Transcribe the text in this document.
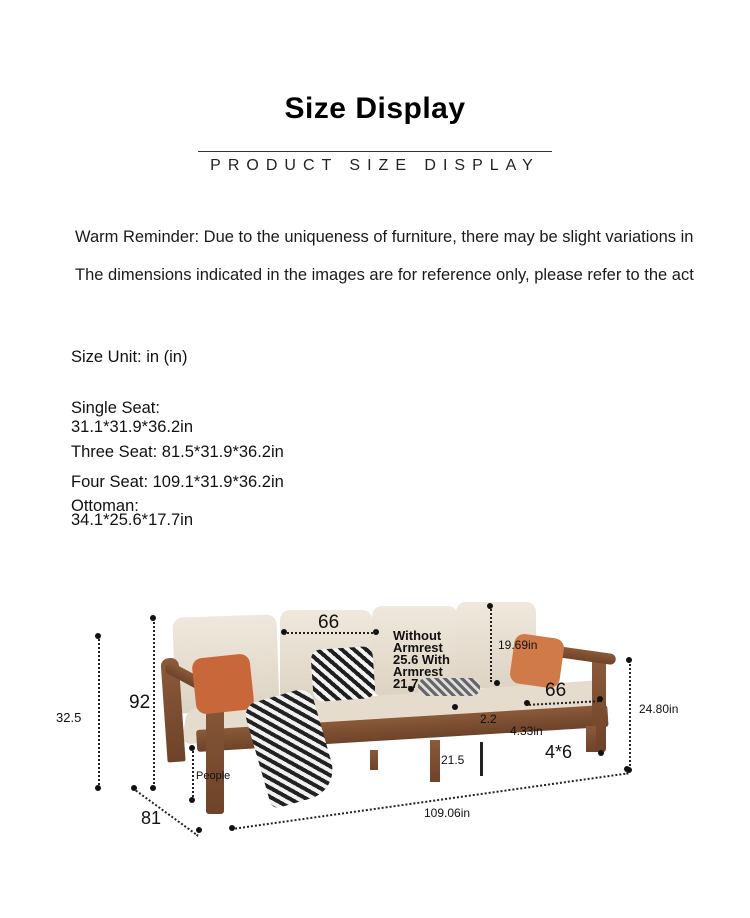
Size Display
PRODUCT SIZE DISPLAY
Warm Reminder: Due to the uniqueness of furniture, there may be slight variations in
The dimensions indicated in the images are for reference only, please refer to the act
Size Unit: in (in)
Single Seat:
31.1*31.9*36.2in
Three Seat: 81.5*31.9*36.2in
Four Seat: 109.1*31.9*36.2in
Ottoman:
34.1*25.6*17.7in
32.5
92
66
66
Without
Armrest
25.6 With
Armrest
21.7
19.69in
24.80in
2.2
4.33in
4*6
21.5
81	109.06in
People
